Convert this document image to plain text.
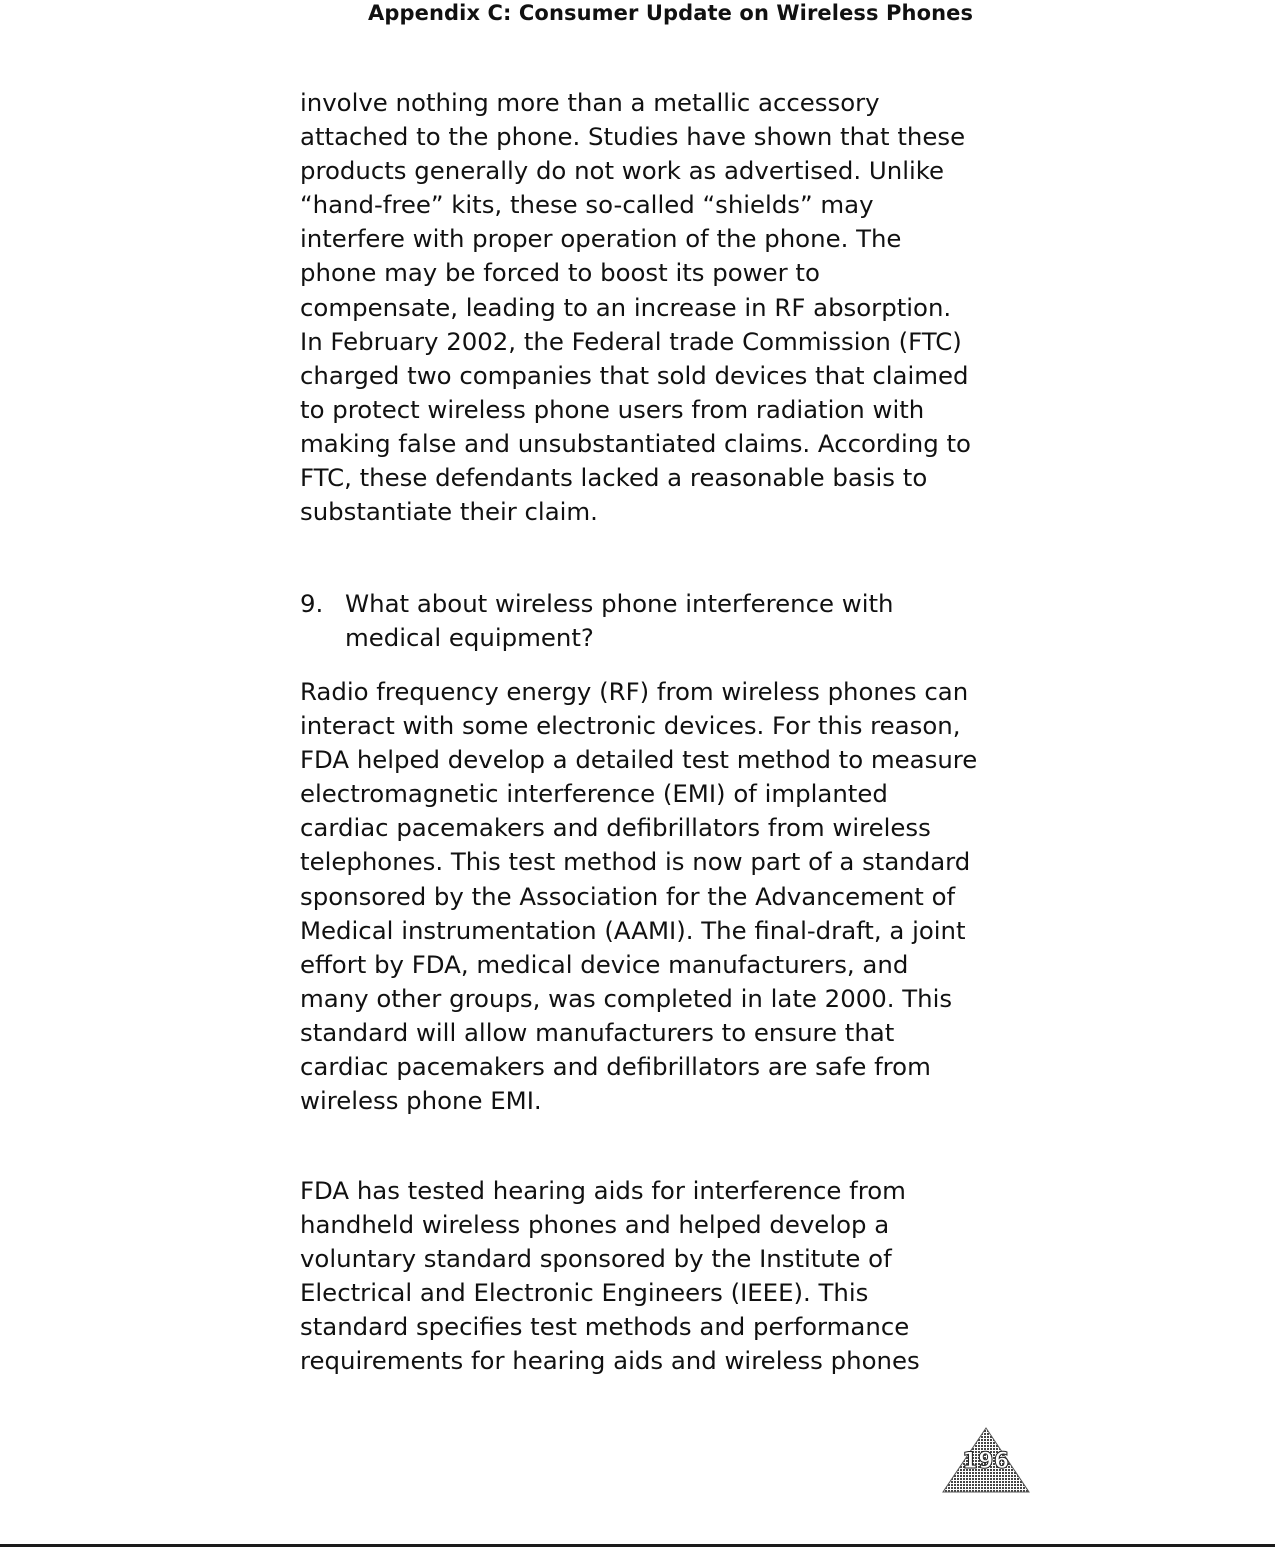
Appendix C: Consumer Update on Wireless Phones

involve nothing more than a metallic accessory attached to the phone. Studies have shown that these products generally do not work as advertised. Unlike “hand-free” kits, these so-called “shields” may interfere with proper operation of the phone. The phone may be forced to boost its power to compensate, leading to an increase in RF absorption. In February 2002, the Federal trade Commission (FTC) charged two companies that sold devices that claimed to protect wireless phone users from radiation with making false and unsubstantiated claims. According to FTC, these defendants lacked a reasonable basis to substantiate their claim.

9. What about wireless phone interference with medical equipment?

Radio frequency energy (RF) from wireless phones can interact with some electronic devices. For this reason, FDA helped develop a detailed test method to measure electromagnetic interference (EMI) of implanted cardiac pacemakers and defibrillators from wireless telephones. This test method is now part of a standard sponsored by the Association for the Advancement of Medical instrumentation (AAMI). The final-draft, a joint effort by FDA, medical device manufacturers, and many other groups, was completed in late 2000. This standard will allow manufacturers to ensure that cardiac pacemakers and defibrillators are safe from wireless phone EMI.

FDA has tested hearing aids for interference from handheld wireless phones and helped develop a voluntary standard sponsored by the Institute of Electrical and Electronic Engineers (IEEE). This standard specifies test methods and performance requirements for hearing aids and wireless phones

196
